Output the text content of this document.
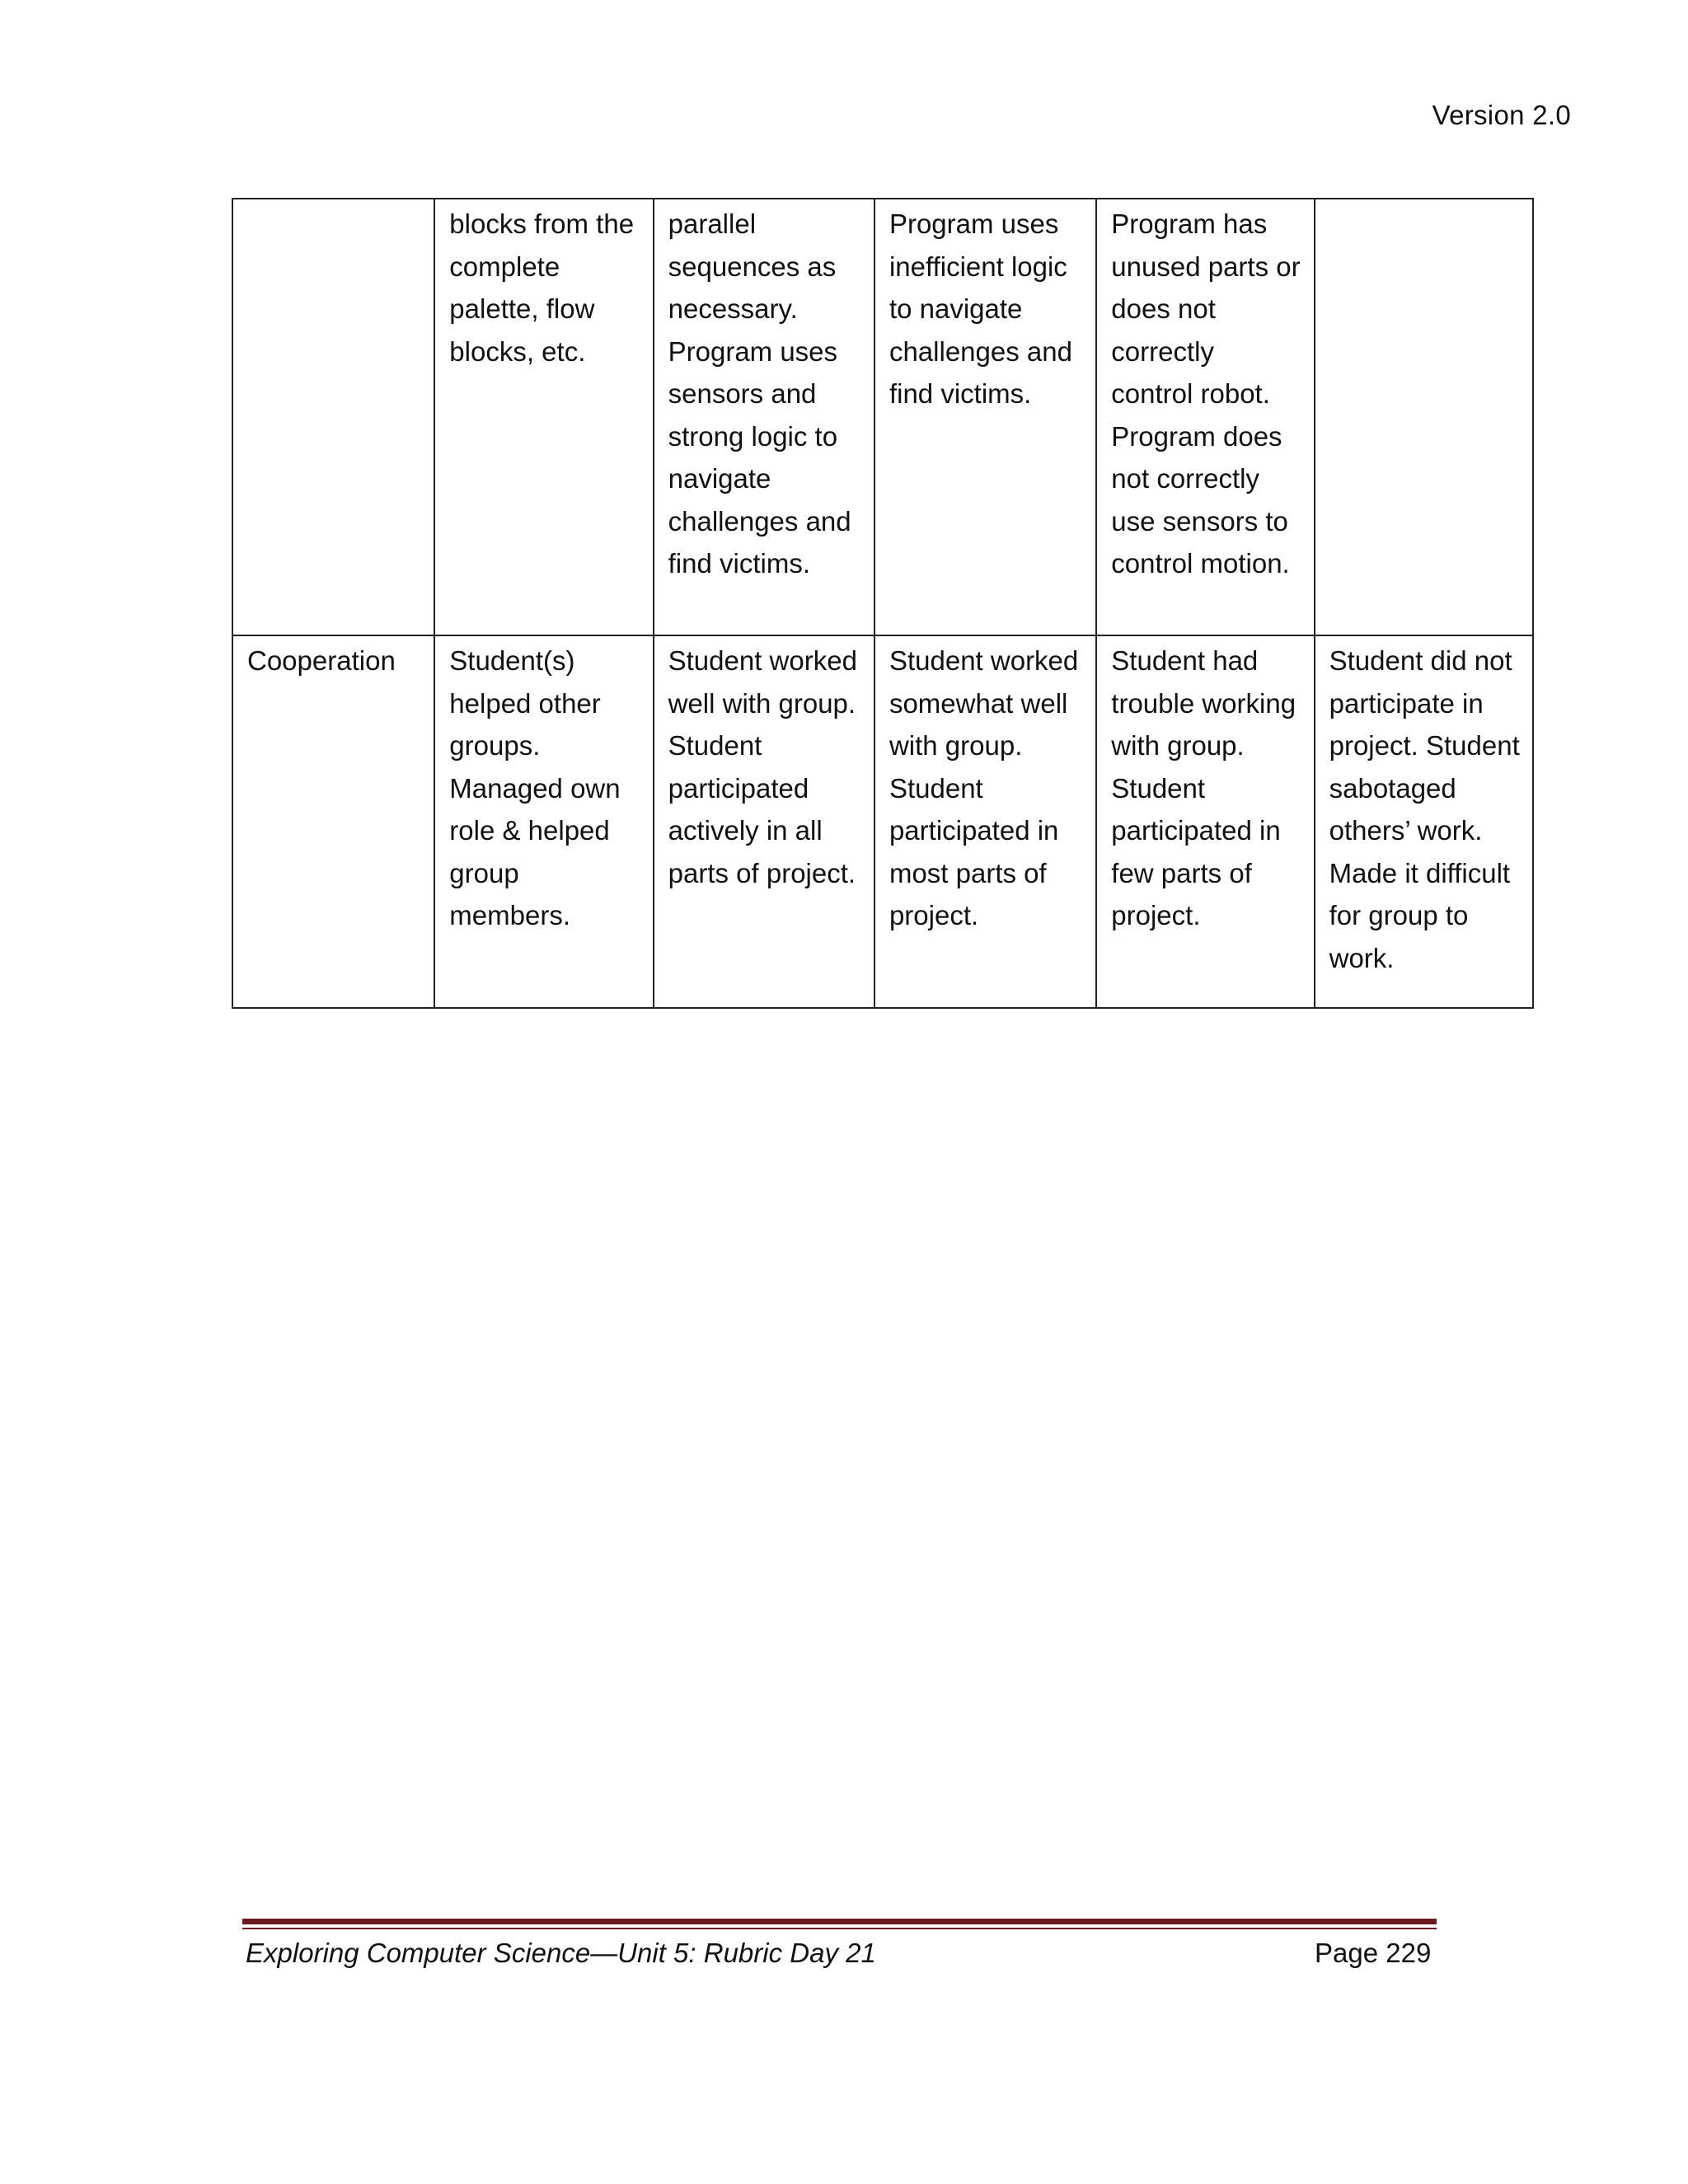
Version 2.0
	blocks from the complete palette, flow blocks, etc.	parallel sequences as necessary. Program uses sensors and strong logic to navigate challenges and find victims.	Program uses inefficient logic to navigate challenges and find victims.	Program has unused parts or does not correctly control robot. Program does not correctly use sensors to control motion.	
Cooperation	Student(s) helped other groups. Managed own role & helped group members.	Student worked well with group. Student participated actively in all parts of project.	Student worked somewhat well with group. Student participated in most parts of project.	Student had trouble working with group. Student participated in few parts of project.	Student did not participate in project. Student sabotaged others’ work. Made it difficult for group to work.
Exploring Computer Science—Unit 5: Rubric Day 21	Page 229
